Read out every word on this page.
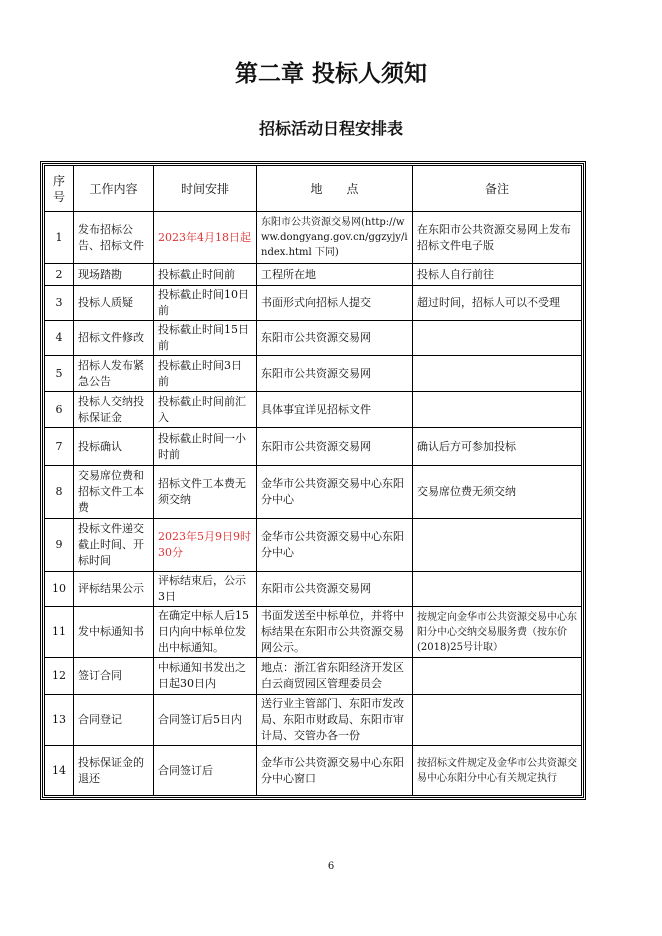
第二章 投标人须知
招标活动日程安排表
序号	工作内容	时间安排	地　　点	备注
1	发布招标公告、招标文件	2023年4月18日起	东阳市公共资源交易网(http://www.dongyang.gov.cn/ggzyjy/index.html 下同)	在东阳市公共资源交易网上发布招标文件电子版
2	现场踏勘	投标截止时间前	工程所在地	投标人自行前往
3	投标人质疑	投标截止时间10日前	书面形式向招标人提交	超过时间，招标人可以不受理
4	招标文件修改	投标截止时间15日前	东阳市公共资源交易网	
5	招标人发布紧急公告	投标截止时间3日前	东阳市公共资源交易网	
6	投标人交纳投标保证金	投标截止时间前汇入	具体事宜详见招标文件	
7	投标确认	投标截止时间一小时前	东阳市公共资源交易网	确认后方可参加投标
8	交易席位费和招标文件工本费	招标文件工本费无须交纳	金华市公共资源交易中心东阳分中心	交易席位费无须交纳
9	投标文件递交截止时间、开标时间	2023年5月9日9时30分	金华市公共资源交易中心东阳分中心	
10	评标结果公示	评标结束后，公示3日	东阳市公共资源交易网	
11	发中标通知书	在确定中标人后15日内向中标单位发出中标通知。	书面发送至中标单位，并将中标结果在东阳市公共资源交易网公示。	按规定向金华市公共资源交易中心东阳分中心交纳交易服务费（按东价(2018)25号计取）
12	签订合同	中标通知书发出之日起30日内	地点：浙江省东阳经济开发区白云商贸园区管理委员会	
13	合同登记	合同签订后5日内	送行业主管部门、东阳市发改局、东阳市财政局、东阳市审计局、交管办各一份	
14	投标保证金的退还	合同签订后	金华市公共资源交易中心东阳分中心窗口	按招标文件规定及金华市公共资源交易中心东阳分中心有关规定执行
6
